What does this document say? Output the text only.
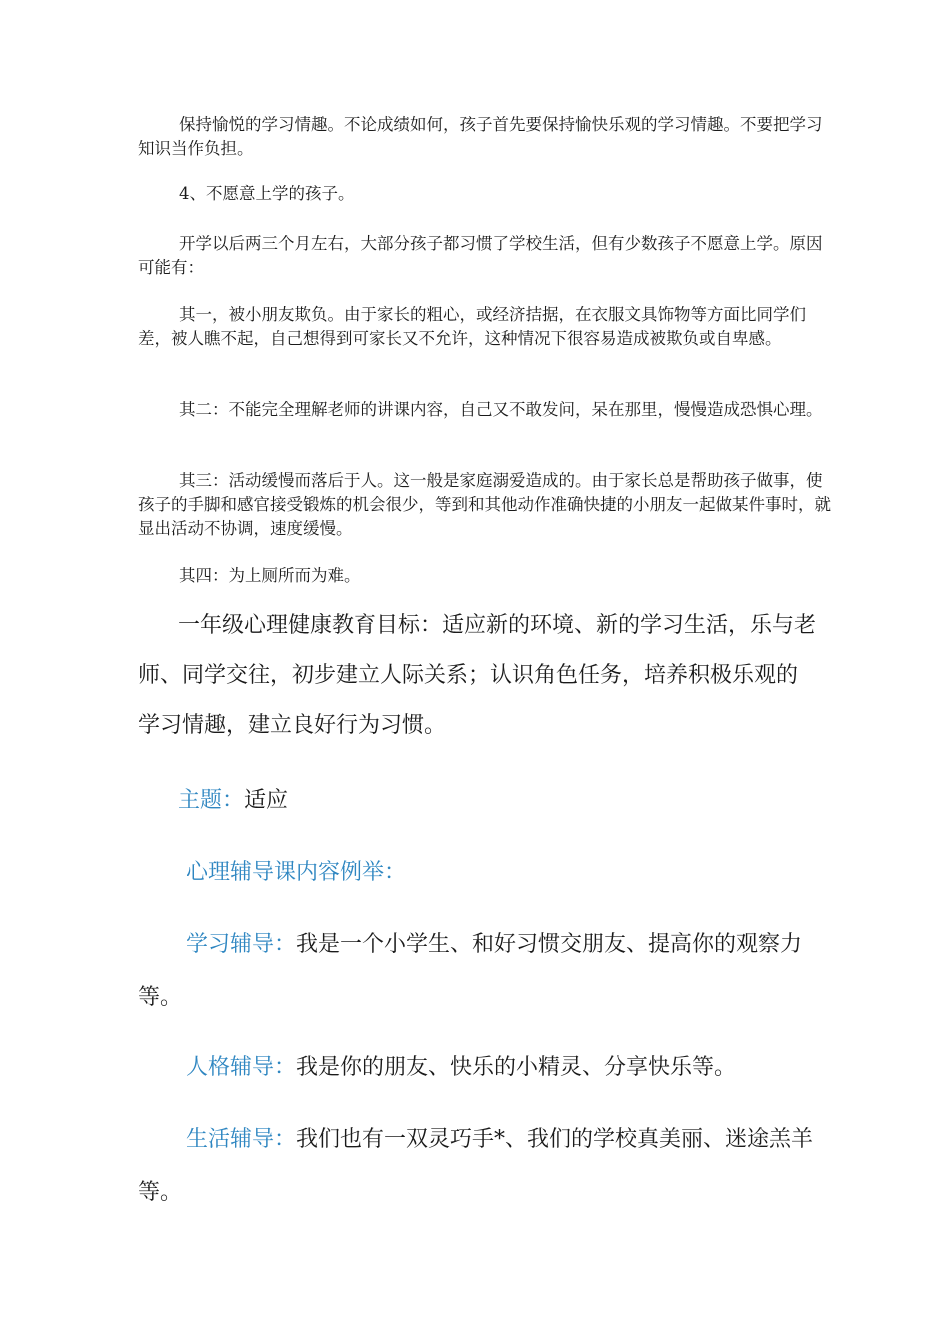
保持愉悦的学习情趣。不论成绩如何，孩子首先要保持愉快乐观的学习情趣。不要把学习知识当作负担。

4、不愿意上学的孩子。

开学以后两三个月左右，大部分孩子都习惯了学校生活，但有少数孩子不愿意上学。原因可能有：

其一，被小朋友欺负。由于家长的粗心，或经济拮据，在衣服文具饰物等方面比同学们差，被人瞧不起，自己想得到可家长又不允许，这种情况下很容易造成被欺负或自卑感。

其二：不能完全理解老师的讲课内容，自己又不敢发问，呆在那里，慢慢造成恐惧心理。

其三：活动缓慢而落后于人。这一般是家庭溺爱造成的。由于家长总是帮助孩子做事，使孩子的手脚和感官接受锻炼的机会很少，等到和其他动作准确快捷的小朋友一起做某件事时，就显出活动不协调，速度缓慢。

其四：为上厕所而为难。

一年级心理健康教育目标：适应新的环境、新的学习生活，乐与老师、同学交往，初步建立人际关系；认识角色任务，培养积极乐观的学习情趣，建立良好行为习惯。

主题：适应

心理辅导课内容例举：

学习辅导：我是一个小学生、和好习惯交朋友、提高你的观察力等。

人格辅导：我是你的朋友、快乐的小精灵、分享快乐等。

生活辅导：我们也有一双灵巧手*、我们的学校真美丽、迷途羔羊等。
